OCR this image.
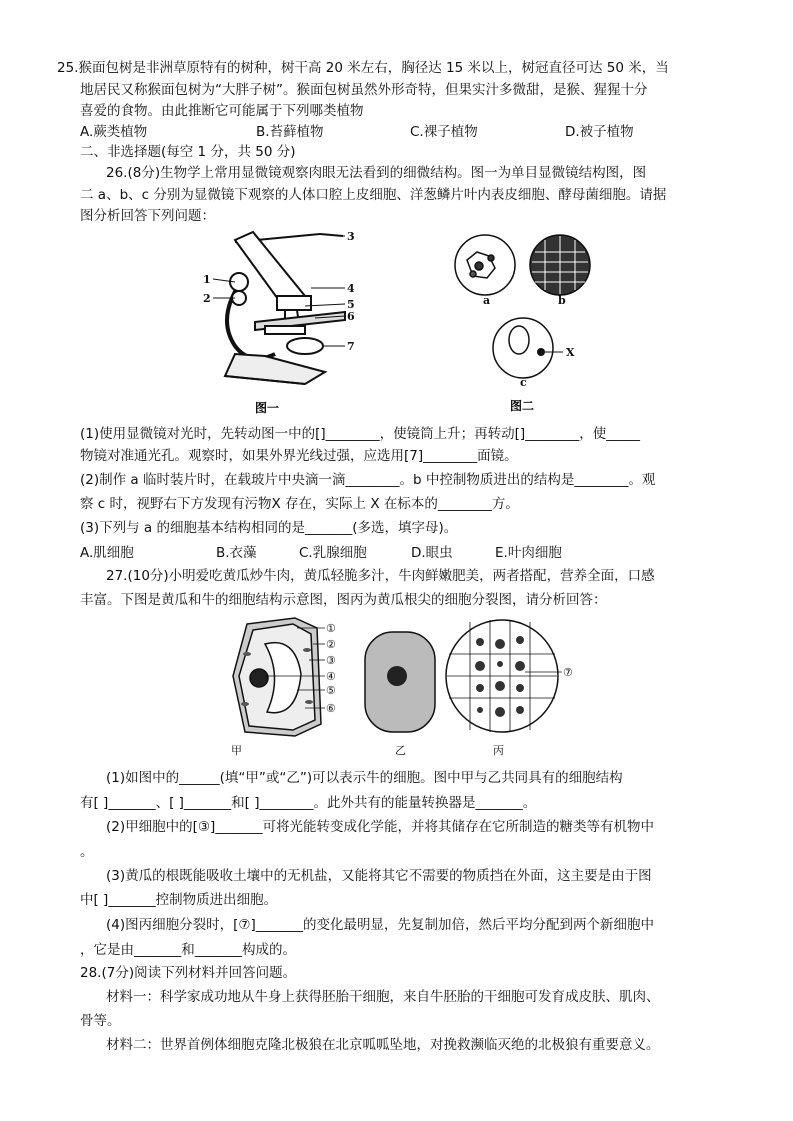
25.猴面包树是非洲草原特有的树种，树干高 20 米左右，胸径达 15 米以上，树冠直径可达 50 米，当
地居民又称猴面包树为“大胖子树”。猴面包树虽然外形奇特，但果实汁多微甜，是猴、猩猩十分
喜爱的食物。由此推断它可能属于下列哪类植物
A.蕨类植物	B.苔藓植物	C.裸子植物	D.被子植物
二、非选择题(每空 1 分，共 50 分)
26.(8分)生物学上常用显微镜观察肉眼无法看到的细微结构。图一为单目显微镜结构图，图
二 a、b、c 分别为显微镜下观察的人体口腔上皮细胞、洋葱鳞片叶内表皮细胞、酵母菌细胞。请据
图分析回答下列问题：
1
2
3
4
5
6
7
图一
a	b
c
X
图二
(1)使用显微镜对光时，先转动图一中的[]________，使镜筒上升；再转动[]________，使_____
物镜对准通光孔。观察时，如果外界光线过强，应选用[7]________面镜。
(2)制作 a 临时装片时，在载玻片中央滴一滴________。b 中控制物质进出的结构是________。观
察 c 时，视野右下方发现有污物X 存在，实际上 X 在标本的________方。
(3)下列与 a 的细胞基本结构相同的是_______(多选，填字母)。
A.肌细胞	B.衣藻	C.乳腺细胞	D.眼虫	E.叶肉细胞
27.(10分)小明爱吃黄瓜炒牛肉，黄瓜轻脆多汁，牛肉鲜嫩肥美，两者搭配，营养全面，口感
丰富。下图是黄瓜和牛的细胞结构示意图，图丙为黄瓜根尖的细胞分裂图，请分析回答：
①
②
③
④
⑤
⑥
⑦
甲	乙	丙
(1)如图中的______(填“甲”或“乙”)可以表示牛的细胞。图中甲与乙共同具有的细胞结构
有[ ]_______、[ ]_______和[ ]________。此外共有的能量转换器是_______。
(2)甲细胞中的[③]_______可将光能转变成化学能，并将其储存在它所制造的糖类等有机物中
。
(3)黄瓜的根既能吸收土壤中的无机盐，又能将其它不需要的物质挡在外面，这主要是由于图
中[ ]_______控制物质进出细胞。
(4)图丙细胞分裂时，[⑦]_______的变化最明显，先复制加倍，然后平均分配到两个新细胞中
，它是由_______和_______构成的。
28.(7分)阅读下列材料并回答问题。
材料一：科学家成功地从牛身上获得胚胎干细胞，来自牛胚胎的干细胞可发育成皮肤、肌肉、
骨等。
材料二：世界首例体细胞克隆北极狼在北京呱呱坠地，对挽救濒临灭绝的北极狼有重要意义。
